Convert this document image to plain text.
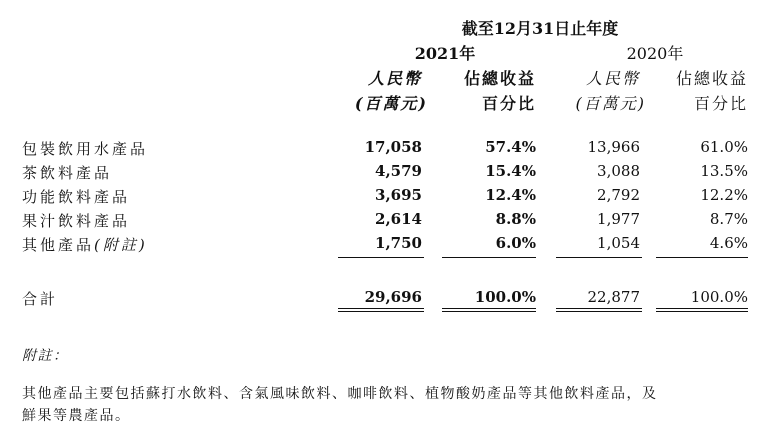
截至12月31日止年度
2021年	2020年
人民幣	佔總收益	人民幣	佔總收益
(百萬元)	百分比	(百萬元)	百分比
包裝飲用水產品	17,058	57.4%	13,966	61.0%
茶飲料產品	4,579	15.4%	3,088	13.5%
功能飲料產品	3,695	12.4%	2,792	12.2%
果汁飲料產品	2,614	8.8%	1,977	8.7%
其他產品(附註)	1,750	6.0%	1,054	4.6%
合計	29,696	100.0%	22,877	100.0%
附註：
其他產品主要包括蘇打水飲料、含氣風味飲料、咖啡飲料、植物酸奶產品等其他飲料產品，及
鮮果等農產品。
